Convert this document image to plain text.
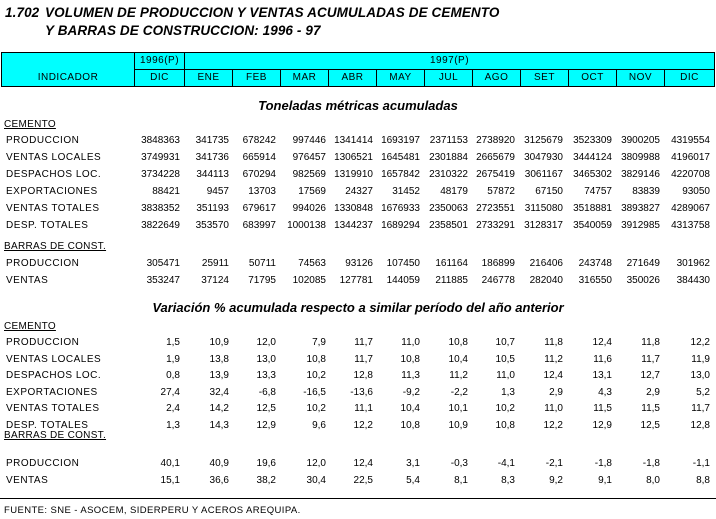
1.702 VOLUMEN DE PRODUCCION Y VENTAS ACUMULADAS DE CEMENTO
Y BARRAS DE CONSTRUCCION: 1996 - 97
INDICADOR	1996(P)	1997(P)										
	DIC	ENE	FEB	MAR	ABR	MAY	JUL	AGO	SET	OCT	NOV	DIC
Toneladas métricas acumuladas
CEMENTO
PRODUCCION	3848363	341735	678242	997446 1341414 1693197 2371153 2738920 3125679	3523309 3900205	4319554
VENTAS LOCALES	3749931	341736	665914	976457 1306521 1645481 2301884 2665679 3047930	3444124 3809988	4196017
DESPACHOS LOC.	3734228	344113	670294	982569 1319910 1657842 2310322 2675419 3061167	3465302 3829146	4220708
EXPORTACIONES	88421	9457	13703	17569	24327	31452	48179	57872	67150	74757	83839	93050
VENTAS TOTALES	3838352	351193	679617	994026 1330848 1676933 2350063 2723551 3115080	3518881 3893827	4289067
DESP. TOTALES	3822649	353570	683997	1000138 1344237 1689294 2358501 2733291 3128317	3540059 3912985	4313758
BARRAS DE CONST.
PRODUCCION	305471	25911	50711	74563	93126	107450	161164	186899	216406	243748	271649	301962
VENTAS	353247	37124	71795	102085	127781	144059	211885	246778	282040	316550	350026	384430
Variación % acumulada respecto a similar período del año anterior
CEMENTO
PRODUCCION	1,5	10,9	12,0	7,9	11,7	11,0	10,8	10,7	11,8	12,4	11,8	12,2
VENTAS LOCALES	1,9	13,8	13,0	10,8	11,7	10,8	10,4	10,5	11,2	11,6	11,7	11,9
DESPACHOS LOC.	0,8	13,9	13,3	10,2	12,8	11,3	11,2	11,0	12,4	13,1	12,7	13,0
EXPORTACIONES	27,4	32,4	-6,8	-16,5	-13,6	-9,2	-2,2	1,3	2,9	4,3	2,9	5,2
VENTAS TOTALES	2,4	14,2	12,5	10,2	11,1	10,4	10,1	10,2	11,0	11,5	11,5	11,7
DESP. TOTALES	1,3	14,3	12,9	9,6	12,2	10,8	10,9	10,8	12,2	12,9	12,5	12,8
BARRAS DE CONST.
PRODUCCION	40,1	40,9	19,6	12,0	12,4	3,1	-0,3	-4,1	-2,1	-1,8	-1,8	-1,1
VENTAS	15,1	36,6	38,2	30,4	22,5	5,4	8,1	8,3	9,2	9,1	8,0	8,8
FUENTE: SNE - ASOCEM, SIDERPERU Y ACEROS AREQUIPA.
